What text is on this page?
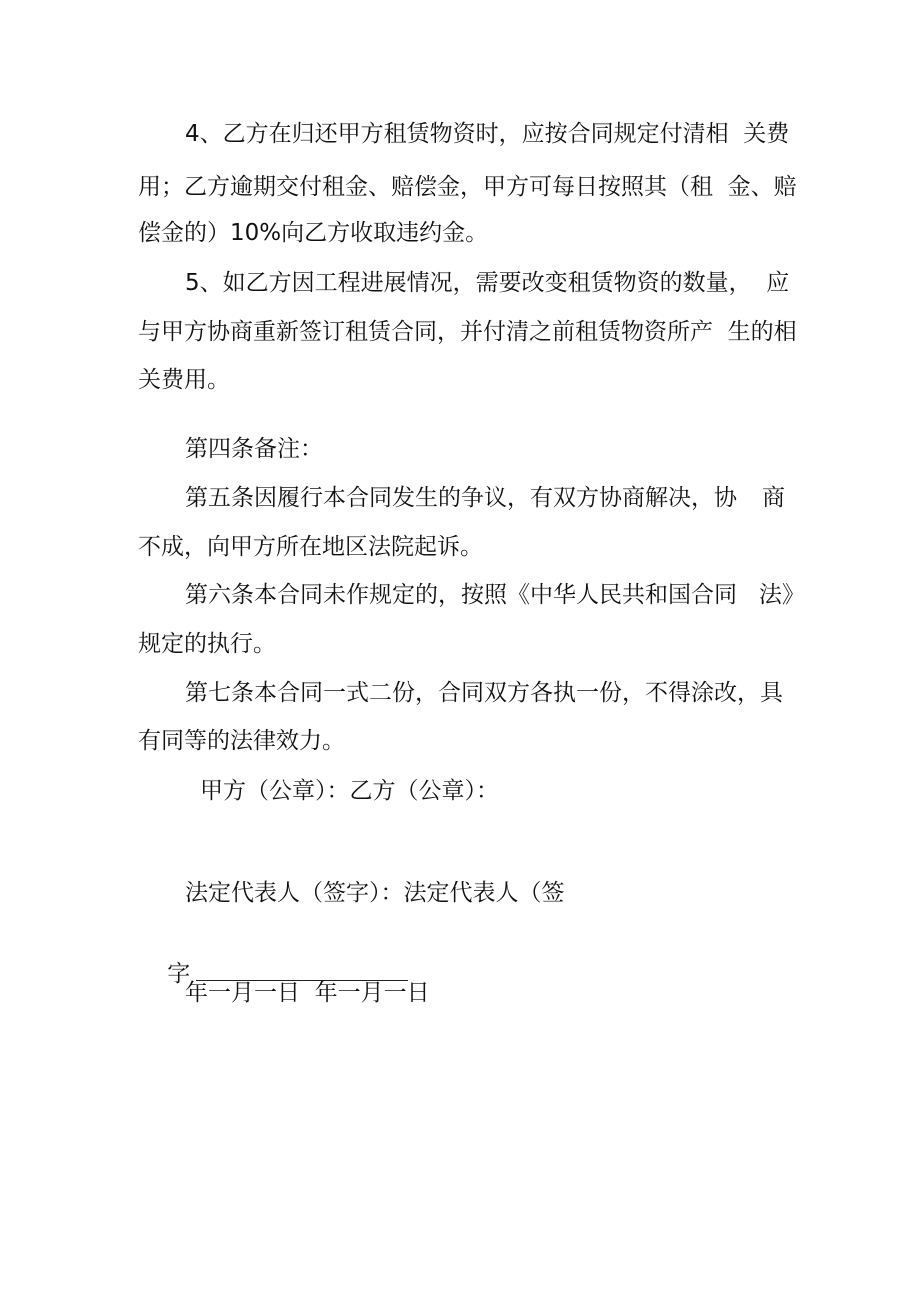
4、乙方在归还甲方租赁物资时，应按合同规定付清相  关费
用；乙方逾期交付租金、赔偿金，甲方可每日按照其（租  金、赔
偿金的）10%向乙方收取违约金。
5、如乙方因工程进展情况，需要改变租赁物资的数量，  应
与甲方协商重新签订租赁合同，并付清之前租赁物资所产  生的相
关费用。
第四条备注：
第五条因履行本合同发生的争议，有双方协商解决，协 商
不成，向甲方所在地区法院起诉。
第六条本合同未作规定的，按照《中华人民共和国合同   法》
规定的执行。
第七条本合同一式二份，合同双方各执一份，不得涂改，具
有同等的法律效力。
甲方（公章）：乙方（公章）：
法定代表人（签字）：法定代表人（签

字

年一月一日  年一月一日
